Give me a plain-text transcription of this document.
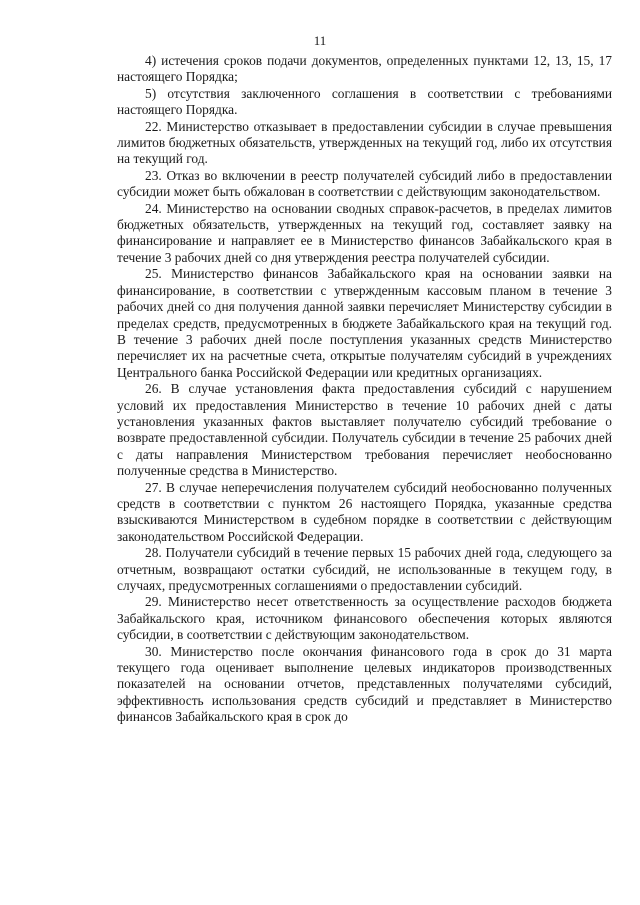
11

4) истечения сроков подачи документов, определенных пунктами 12, 13, 15, 17 настоящего Порядка;

5) отсутствия заключенного соглашения в соответствии с требованиями настоящего Порядка.

22. Министерство отказывает в предоставлении субсидии в случае превышения лимитов бюджетных обязательств, утвержденных на текущий год, либо их отсутствия на текущий год.

23. Отказ во включении в реестр получателей субсидий либо в предоставлении субсидии может быть обжалован в соответствии с действующим законодательством.

24. Министерство на основании сводных справок-расчетов, в пределах лимитов бюджетных обязательств, утвержденных на текущий год, составляет заявку на финансирование и направляет ее в Министерство финансов Забайкальского края в течение 3 рабочих дней со дня утверждения реестра получателей субсидии.

25. Министерство финансов Забайкальского края на основании заявки на финансирование, в соответствии с утвержденным кассовым планом в течение 3 рабочих дней со дня получения данной заявки перечисляет Министерству субсидии в пределах средств, предусмотренных в бюджете Забайкальского края на текущий год. В течение 3 рабочих дней после поступления указанных средств Министерство перечисляет их на расчетные счета, открытые получателям субсидий в учреждениях Центрального банка Российской Федерации или кредитных организациях.

26. В случае установления факта предоставления субсидий с нарушением условий их предоставления Министерство в течение 10 рабочих дней с даты установления указанных фактов выставляет получателю субсидий требование о возврате предоставленной субсидии. Получатель субсидии в течение 25 рабочих дней с даты направления Министерством требования перечисляет необоснованно полученные средства в Министерство.

27. В случае неперечисления получателем субсидий необоснованно полученных средств в соответствии с пунктом 26 настоящего Порядка, указанные средства взыскиваются Министерством в судебном порядке в соответствии с действующим законодательством Российской Федерации.

28. Получатели субсидий в течение первых 15 рабочих дней года, следующего за отчетным, возвращают остатки субсидий, не использованные в текущем году, в случаях, предусмотренных соглашениями о предоставлении субсидий.

29. Министерство несет ответственность за осуществление расходов бюджета Забайкальского края, источником финансового обеспечения которых являются субсидии, в соответствии с действующим законодательством.

30. Министерство после окончания финансового года в срок до 31 марта текущего года оценивает выполнение целевых индикаторов производственных показателей на основании отчетов, представленных получателями субсидий, эффективность использования средств субсидий и представляет в Министерство финансов Забайкальского края в срок до
